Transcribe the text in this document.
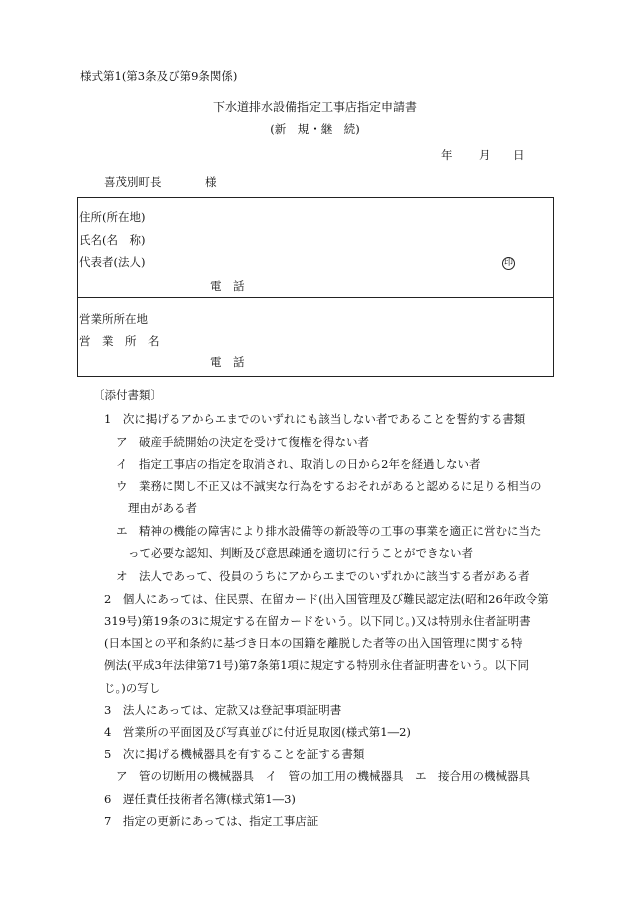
様式第1(第3条及び第9条関係)
下水道排水設備指定工事店指定申請書
(新　規・継　続)
年 月 日
喜茂別町長	様
住所(所在地)
氏名(名　称)
代表者(法人)	印
電　話
営業所所在地
営　業　所　名
電　話
〔添付書類〕
1　次に掲げるアからエまでのいずれにも該当しない者であることを誓約する書類
ア　破産手続開始の決定を受けて復権を得ない者
イ　指定工事店の指定を取消され、取消しの日から2年を経過しない者
ウ　業務に関し不正又は不誠実な行為をするおそれがあると認めるに足りる相当の
理由がある者
エ　精神の機能の障害により排水設備等の新設等の工事の事業を適正に営むに当た
って必要な認知、判断及び意思疎通を適切に行うことができない者
オ　法人であって、役員のうちにアからエまでのいずれかに該当する者がある者
2　個人にあっては、住民票、在留カード(出入国管理及び難民認定法(昭和26年政令第
319号)第19条の3に規定する在留カードをいう。以下同じ。)又は特別永住者証明書
(日本国との平和条約に基づき日本の国籍を離脱した者等の出入国管理に関する特
例法(平成3年法律第71号)第7条第1項に規定する特別永住者証明書をいう。以下同
じ。)の写し
3　法人にあっては、定款又は登記事項証明書
4　営業所の平面図及び写真並びに付近見取図(様式第1―2)
5　次に掲げる機械器具を有することを証する書類
ア　管の切断用の機械器具　イ　管の加工用の機械器具　エ　接合用の機械器具
6　遅任責任技術者名簿(様式第1―3)
7　指定の更新にあっては、指定工事店証
